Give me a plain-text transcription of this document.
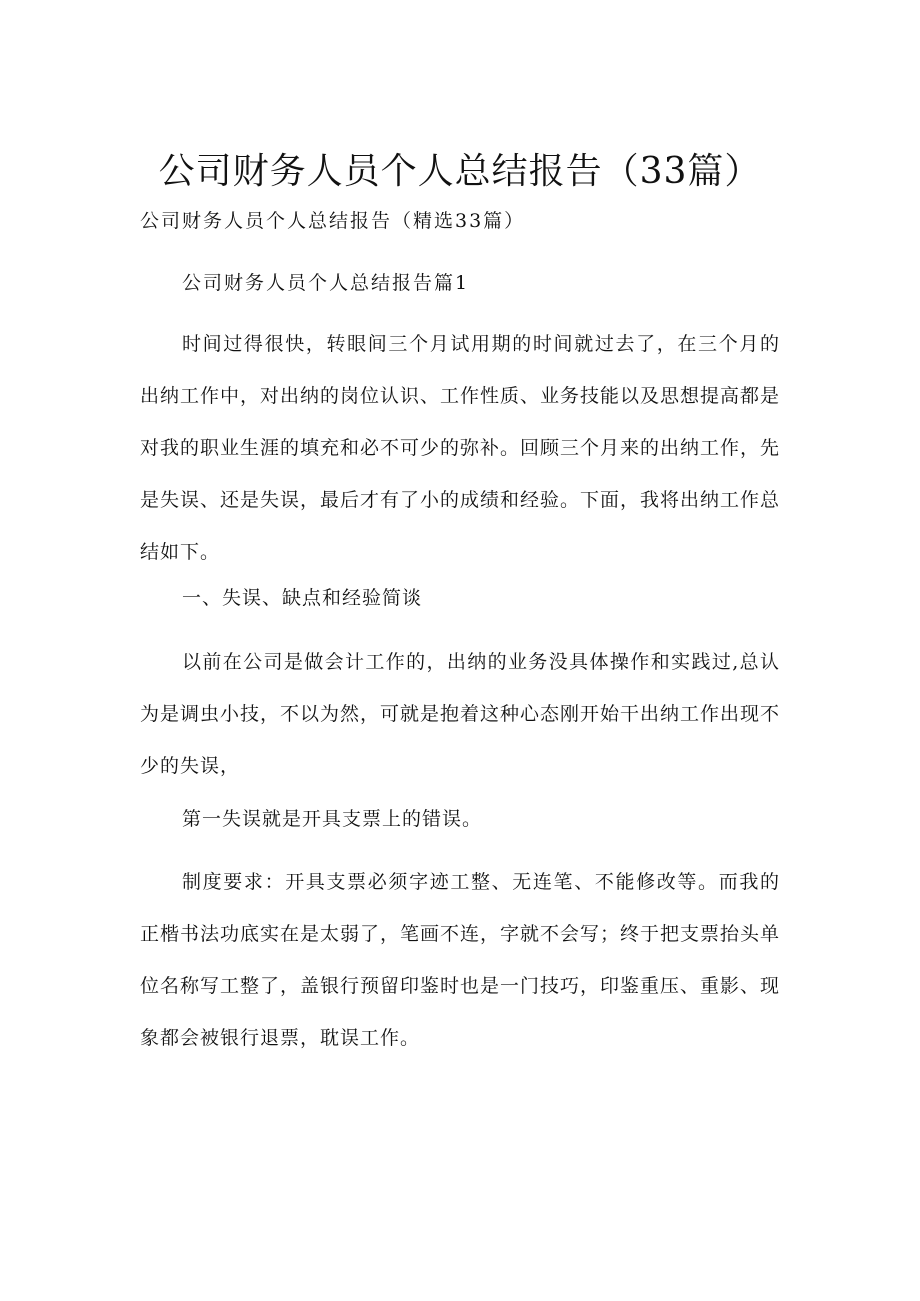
公司财务人员个人总结报告（33篇）
公司财务人员个人总结报告（精选33篇）
公司财务人员个人总结报告篇1

时间过得很快，转眼间三个月试用期的时间就过去了，在三个月的出纳工作中，对出纳的岗位认识、工作性质、业务技能以及思想提高都是对我的职业生涯的填充和必不可少的弥补。回顾三个月来的出纳工作，先是失误、还是失误，最后才有了小的成绩和经验。下面，我将出纳工作总结如下。

一、失误、缺点和经验简谈

以前在公司是做会计工作的，出纳的业务没具体操作和实践过,总认为是调虫小技，不以为然，可就是抱着这种心态刚开始干出纳工作出现不少的失误，

第一失误就是开具支票上的错误。

制度要求：开具支票必须字迹工整、无连笔、不能修改等。而我的正楷书法功底实在是太弱了，笔画不连，字就不会写；终于把支票抬头单位名称写工整了，盖银行预留印鉴时也是一门技巧，印鉴重压、重影、现象都会被银行退票，耽误工作。
